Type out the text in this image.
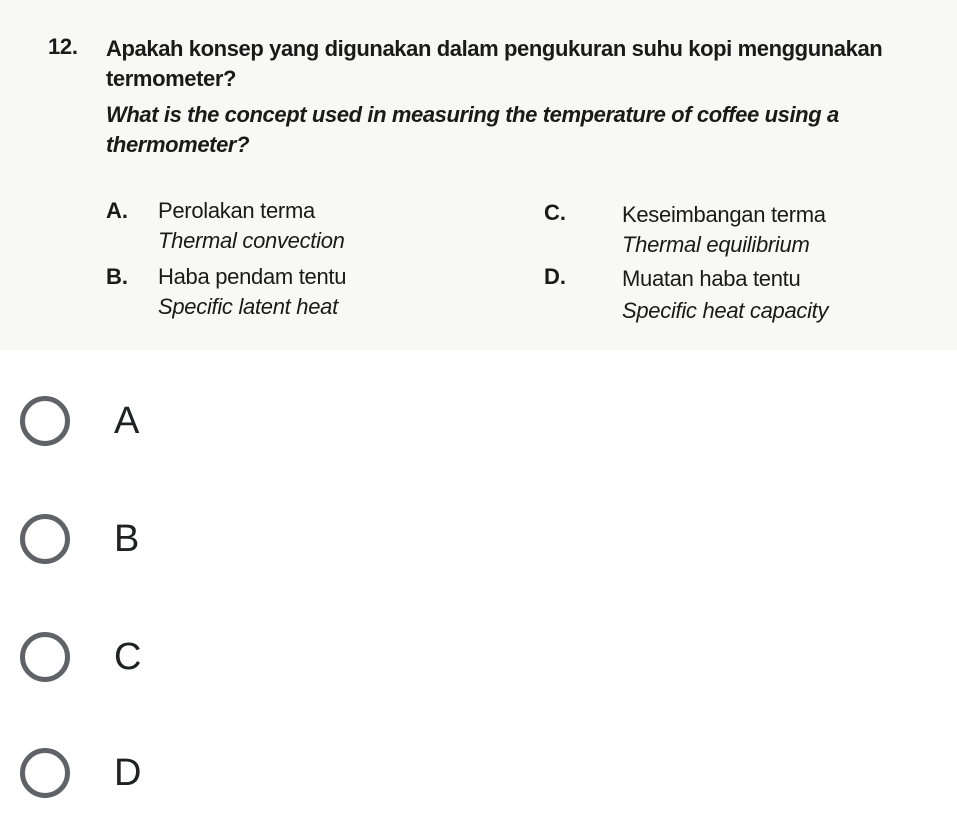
12. Apakah konsep yang digunakan dalam pengukuran suhu kopi menggunakan termometer?
What is the concept used in measuring the temperature of coffee using a thermometer?
A. Perolakan terma
Thermal convection
B. Haba pendam tentu
Specific latent heat
C.	Keseimbangan terma
Thermal equilibrium
D.	Muatan haba tentu
Specific heat capacity
A
B
C
D
